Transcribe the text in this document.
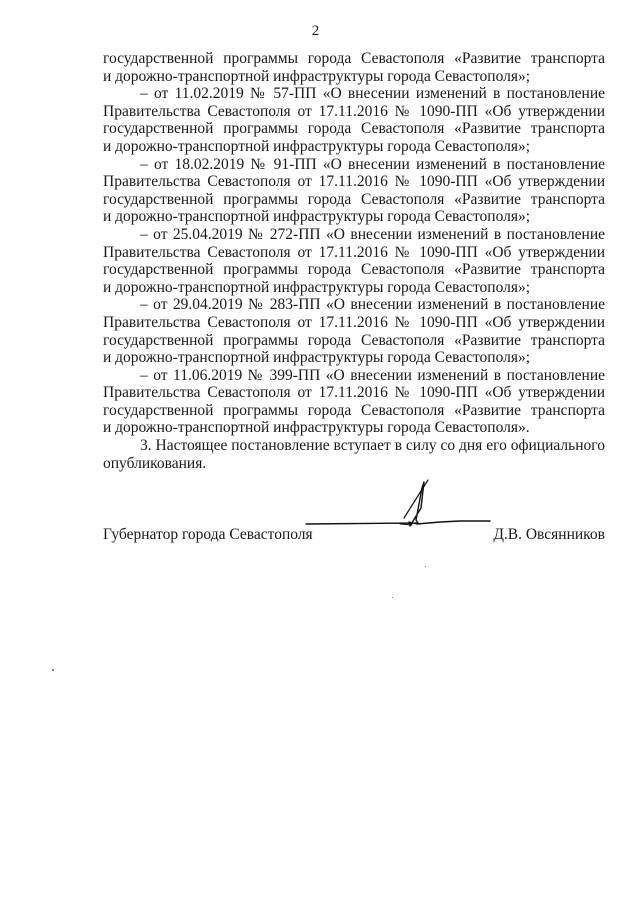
2
государственной программы города Севастополя «Развитие транспорта
и дорожно-транспортной инфраструктуры города Севастополя»;
– от 11.02.2019 № 57-ПП «О внесении изменений в постановление
Правительства Севастополя от 17.11.2016 № 1090-ПП «Об утверждении
государственной программы города Севастополя «Развитие транспорта
и дорожно-транспортной инфраструктуры города Севастополя»;
– от 18.02.2019 № 91-ПП «О внесении изменений в постановление
Правительства Севастополя от 17.11.2016 № 1090-ПП «Об утверждении
государственной программы города Севастополя «Развитие транспорта
и дорожно-транспортной инфраструктуры города Севастополя»;
– от 25.04.2019 № 272-ПП «О внесении изменений в постановление
Правительства Севастополя от 17.11.2016 № 1090-ПП «Об утверждении
государственной программы города Севастополя «Развитие транспорта
и дорожно-транспортной инфраструктуры города Севастополя»;
– от 29.04.2019 № 283-ПП «О внесении изменений в постановление
Правительства Севастополя от 17.11.2016 № 1090-ПП «Об утверждении
государственной программы города Севастополя «Развитие транспорта
и дорожно-транспортной инфраструктуры города Севастополя»;
– от 11.06.2019 № 399-ПП «О внесении изменений в постановление
Правительства Севастополя от 17.11.2016 № 1090-ПП «Об утверждении
государственной программы города Севастополя «Развитие транспорта
и дорожно-транспортной инфраструктуры города Севастополя».
3. Настоящее постановление вступает в силу со дня его официального
опубликования.
Губернатор города Севастополя	Д.В. Овсянников
